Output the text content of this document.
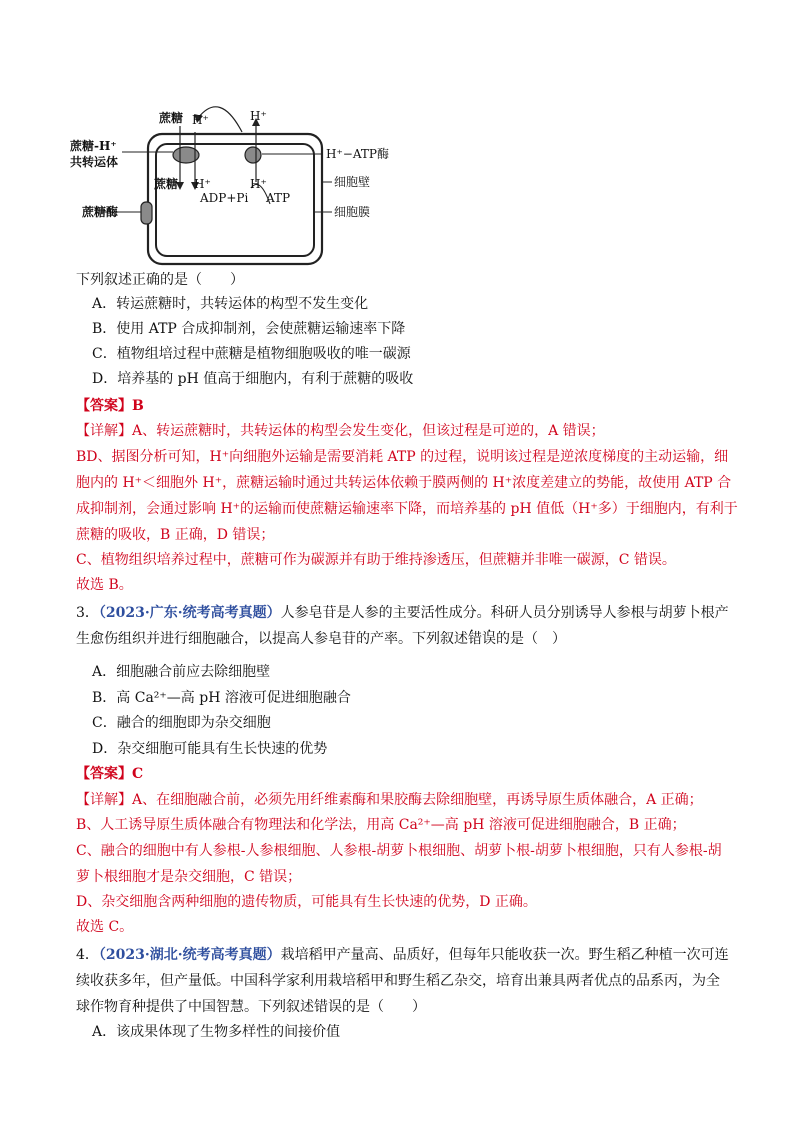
蔗糖-H⁺
共转运体
蔗糖酶
蔗糖 H⁺	H⁺
蔗糖 H⁺	H⁺
ADP+Pi ATP
H⁺−ATP酶
细胞壁
细胞膜
下列叙述正确的是（　　）
A．转运蔗糖时，共转运体的构型不发生变化
B．使用 ATP 合成抑制剂，会使蔗糖运输速率下降
C．植物组培过程中蔗糖是植物细胞吸收的唯一碳源
D．培养基的 pH 值高于细胞内，有利于蔗糖的吸收
【答案】B
【详解】A、转运蔗糖时，共转运体的构型会发生变化，但该过程是可逆的，A 错误；
BD、据图分析可知，H⁺向细胞外运输是需要消耗 ATP 的过程，说明该过程是逆浓度梯度的主动运输，细
胞内的 H⁺＜细胞外 H⁺，蔗糖运输时通过共转运体依赖于膜两侧的 H⁺浓度差建立的势能，故使用 ATP 合
成抑制剂，会通过影响 H⁺的运输而使蔗糖运输速率下降，而培养基的 pH 值低（H⁺多）于细胞内，有利于
蔗糖的吸收，B 正确，D 错误；
C、植物组织培养过程中，蔗糖可作为碳源并有助于维持渗透压，但蔗糖并非唯一碳源，C 错误。
故选 B。
3．（2023·广东·统考高考真题）人参皂苷是人参的主要活性成分。科研人员分别诱导人参根与胡萝卜根产
生愈伤组织并进行细胞融合，以提高人参皂苷的产率。下列叙述错误 • •的是（　）
A．细胞融合前应去除细胞壁
B．高 Ca²⁺—高 pH 溶液可促进细胞融合
C．融合的细胞即为杂交细胞
D．杂交细胞可能具有生长快速的优势
【答案】C
【详解】A、在细胞融合前，必须先用纤维素酶和果胶酶去除细胞壁，再诱导原生质体融合，A 正确；
B、人工诱导原生质体融合有物理法和化学法，用高 Ca²⁺—高 pH 溶液可促进细胞融合，B 正确；
C、融合的细胞中有人参根-人参根细胞、人参根-胡萝卜根细胞、胡萝卜根-胡萝卜根细胞，只有人参根-胡
萝卜根细胞才是杂交细胞，C 错误；
D、杂交细胞含两种细胞的遗传物质，可能具有生长快速的优势，D 正确。
故选 C。
4．（2023·湖北·统考高考真题）栽培稻甲产量高、品质好，但每年只能收获一次。野生稻乙种植一次可连
续收获多年，但产量低。中国科学家利用栽培稻甲和野生稻乙杂交，培育出兼具两者优点的品系丙，为全
球作物育种提供了中国智慧。下列叙述错误的是（　　）
A．该成果体现了生物多样性的间接价值
